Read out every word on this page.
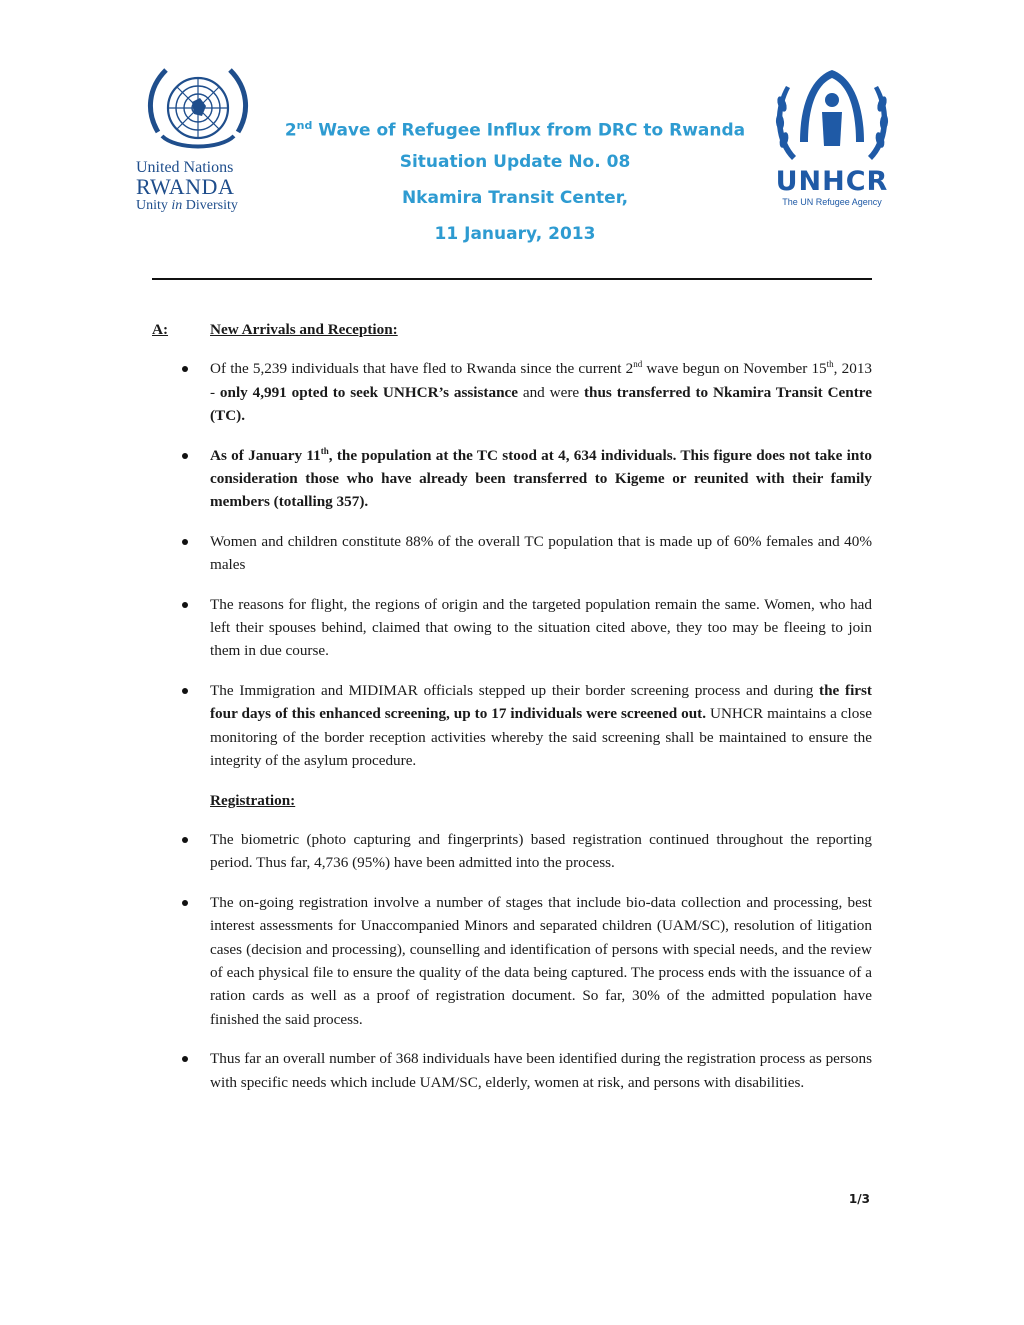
United Nations
RWANDA
Unity in Diversity
2nd Wave of Refugee Influx from DRC to Rwanda
Situation Update No. 08
Nkamira Transit Center,
11 January, 2013
UNHCR
The UN Refugee Agency
A:	New Arrivals and Reception:
Of the 5,239 individuals that have fled to Rwanda since the current 2nd wave begun on November 15th, 2013 - only 4,991 opted to seek UNHCR’s assistance and were thus transferred to Nkamira Transit Centre (TC).
As of January 11th, the population at the TC stood at 4, 634 individuals. This figure does not take into consideration those who have already been transferred to Kigeme or reunited with their family members (totalling 357).
Women and children constitute 88% of the overall TC population that is made up of 60% females and 40% males
The reasons for flight, the regions of origin and the targeted population remain the same. Women, who had left their spouses behind, claimed that owing to the situation cited above, they too may be fleeing to join them in due course.
The Immigration and MIDIMAR officials stepped up their border screening process and during the first four days of this enhanced screening, up to 17 individuals were screened out. UNHCR maintains a close monitoring of the border reception activities whereby the said screening shall be maintained to ensure the integrity of the asylum procedure.
Registration:
The biometric (photo capturing and fingerprints) based registration continued throughout the reporting period. Thus far, 4,736 (95%) have been admitted into the process.
The on-going registration involve a number of stages that include bio-data collection and processing, best interest assessments for Unaccompanied Minors and separated children (UAM/SC), resolution of litigation cases (decision and processing), counselling and identification of persons with special needs, and the review of each physical file to ensure the quality of the data being captured. The process ends with the issuance of a ration cards as well as a proof of registration document. So far, 30% of the admitted population have finished the said process.
Thus far an overall number of 368 individuals have been identified during the registration process as persons with specific needs which include UAM/SC, elderly, women at risk, and persons with disabilities.
1/3
